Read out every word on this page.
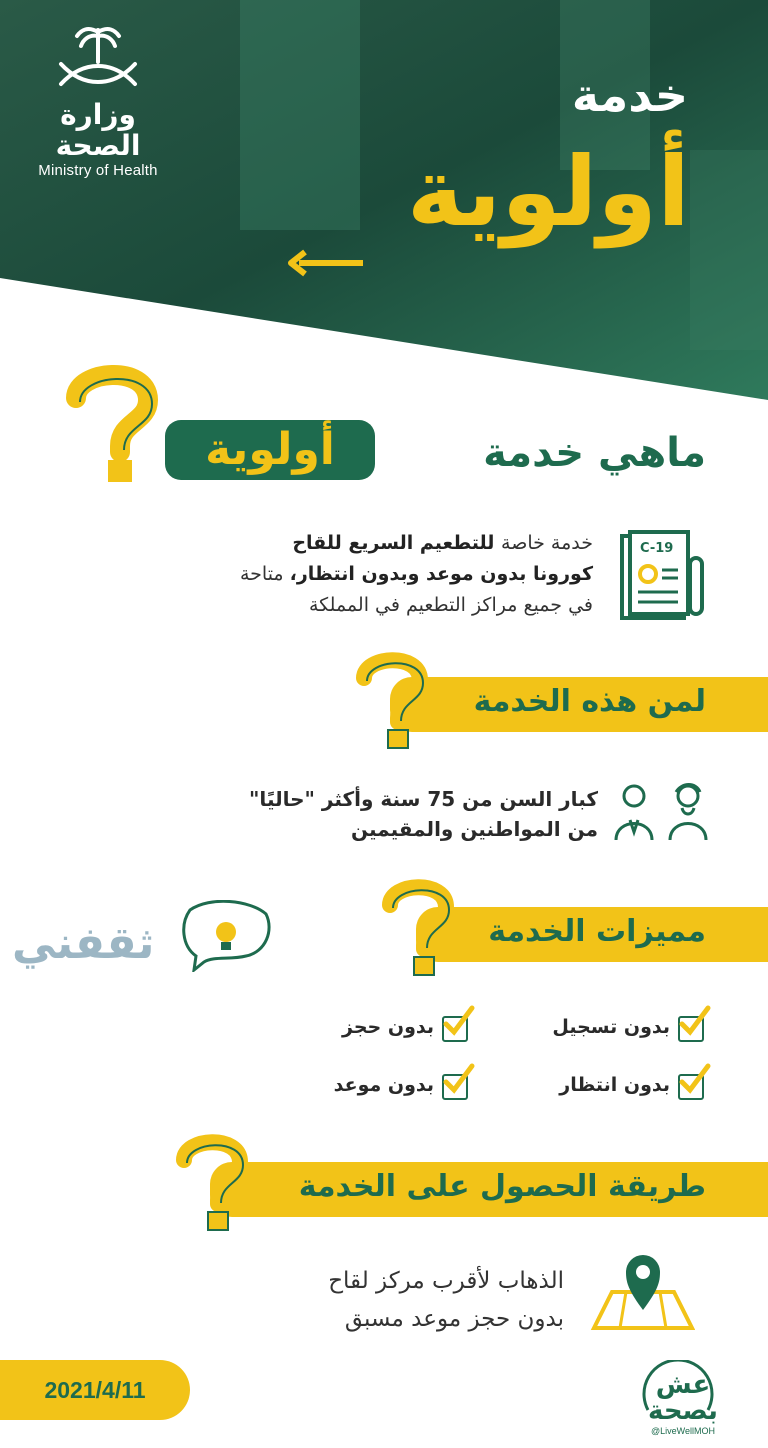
وزارة الصحة
Ministry of Health
خدمة
أولوية
ماهي خدمة
أولوية
C-19
خدمة خاصة للتطعيم السريع للقاح
كورونا بدون موعد وبدون انتظار، متاحة
في جميع مراكز التطعيم في المملكة
لمن هذه الخدمة
كبار السن من 75 سنة وأكثر "حاليًا"
من المواطنين والمقيمين
ثقفني	مميزات الخدمة
بدون تسجيل
بدون حجز
بدون انتظار
بدون موعد
طريقة الحصول على الخدمة
الذهاب لأقرب مركز لقاح
بدون حجز موعد مسبق
2021/4/11	عش بصحة
@LiveWellMOH
